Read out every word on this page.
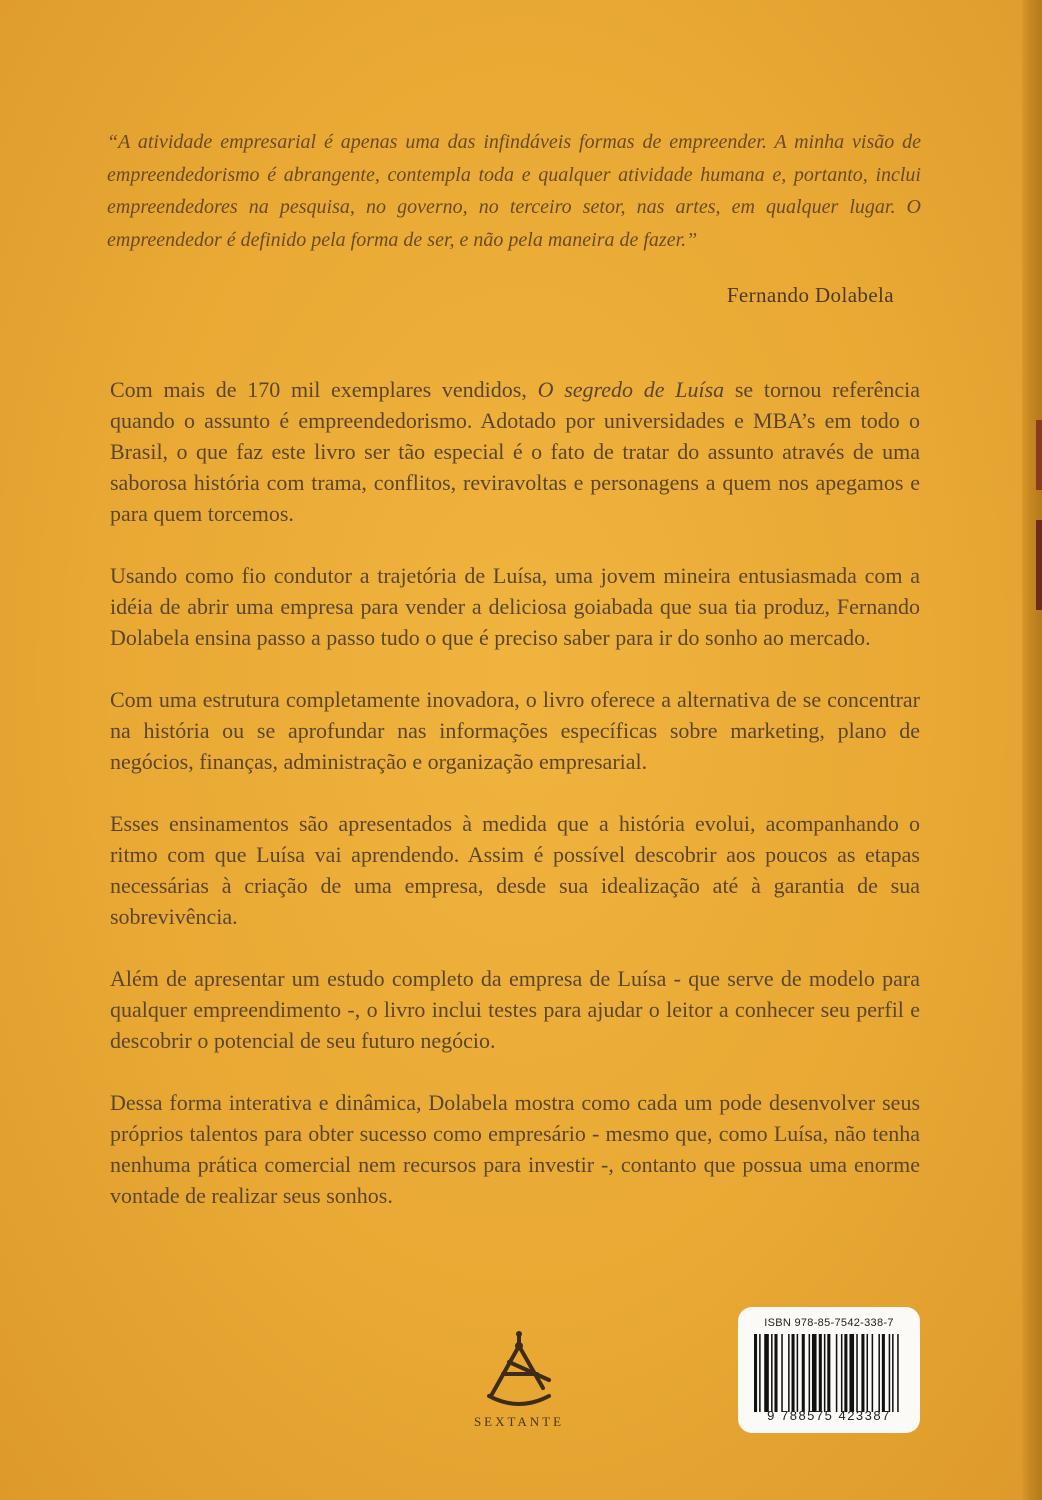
“A atividade empresarial é apenas uma das infindáveis formas de empreender. A minha visão de empreendedorismo é abrangente, contempla toda e qualquer atividade humana e, portanto, inclui empreendedores na pesquisa, no governo, no terceiro setor, nas artes, em qualquer lugar. O empreendedor é definido pela forma de ser, e não pela maneira de fazer.”

Fernando Dolabela

Com mais de 170 mil exemplares vendidos, O segredo de Luísa se tornou referência quando o assunto é empreendedorismo. Adotado por universidades e MBA’s em todo o Brasil, o que faz este livro ser tão especial é o fato de tratar do assunto através de uma saborosa história com trama, conflitos, reviravoltas e personagens a quem nos apegamos e para quem torcemos.

Usando como fio condutor a trajetória de Luísa, uma jovem mineira entusiasmada com a idéia de abrir uma empresa para vender a deliciosa goiabada que sua tia produz, Fernando Dolabela ensina passo a passo tudo o que é preciso saber para ir do sonho ao mercado.

Com uma estrutura completamente inovadora, o livro oferece a alternativa de se concentrar na história ou se aprofundar nas informações específicas sobre marketing, plano de negócios, finanças, administração e organização empresarial.

Esses ensinamentos são apresentados à medida que a história evolui, acompanhando o ritmo com que Luísa vai aprendendo. Assim é possível descobrir aos poucos as etapas necessárias à criação de uma empresa, desde sua idealização até à garantia de sua sobrevivência.

Além de apresentar um estudo completo da empresa de Luísa - que serve de modelo para qualquer empreendimento -, o livro inclui testes para ajudar o leitor a conhecer seu perfil e descobrir o potencial de seu futuro negócio.

Dessa forma interativa e dinâmica, Dolabela mostra como cada um pode desenvolver seus próprios talentos para obter sucesso como empresário - mesmo que, como Luísa, não tenha nenhuma prática comercial nem recursos para investir -, contanto que possua uma enorme vontade de realizar seus sonhos.

SEXTANTE
ISBN 978-85-7542-338-7
9 788575 423387
